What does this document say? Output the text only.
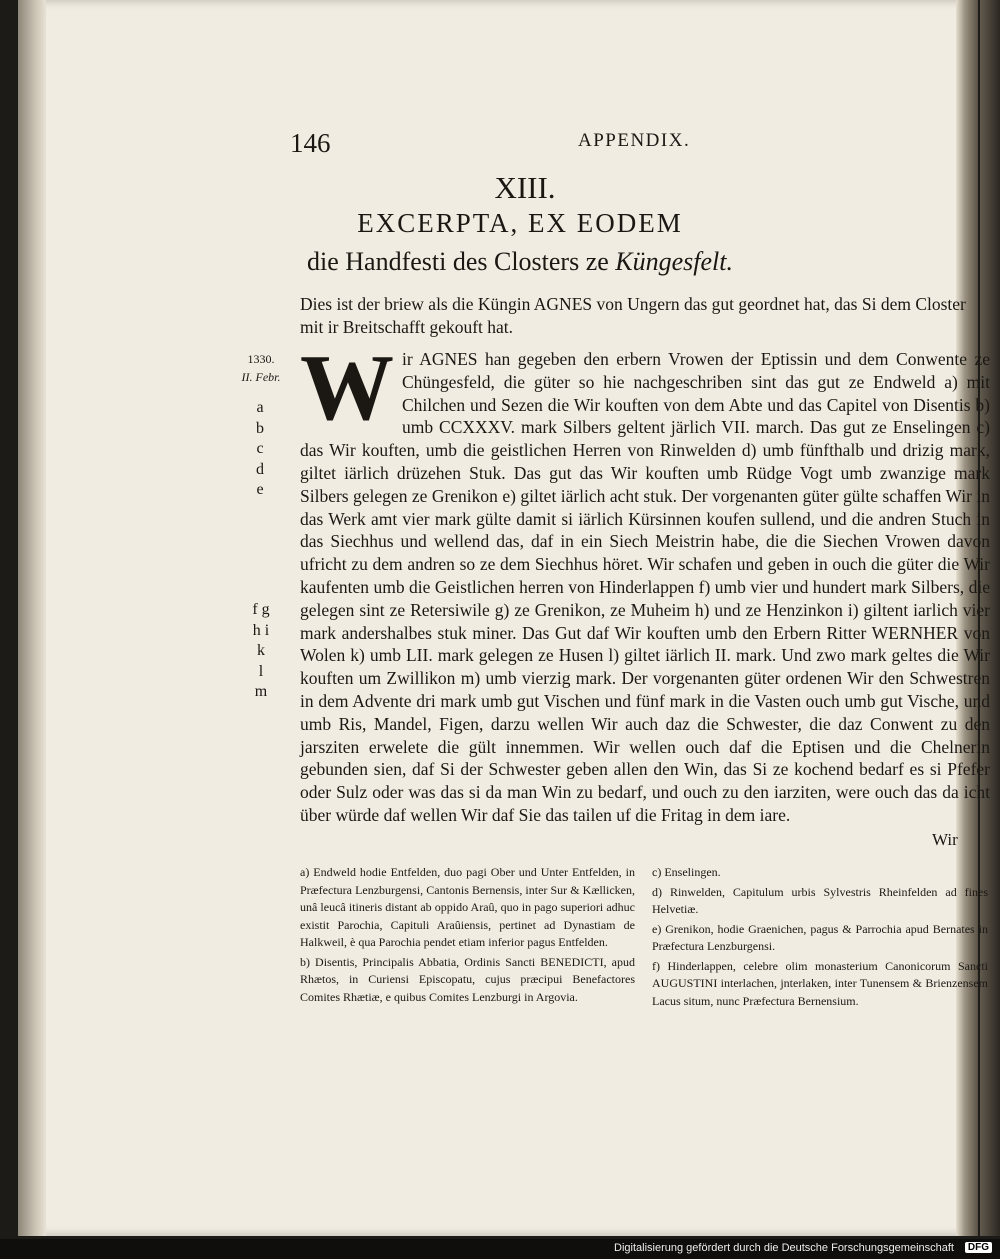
146	APPENDIX.
XIII.
EXCERPTA, EX EODEM
die Handfesti des Closters ze Küngesfelt.
Dies ist der briew als die Küngin AGNES von Ungern das gut geordnet hat, das Si dem Closter mit ir Breitschafft gekouft hat.
1330.
II. Febr.
a
b
c
d
e
f g
h i
k
l
m
Wir AGNES han gegeben den erbern Vrowen der Eptissin und dem Conwente ze Chüngesfeld, die güter so hie nachgeschriben sint das gut ze Endweld a) mit Chilchen und Sezen die Wir kouften von dem Abte und das Capitel von Disentis b) umb CCXXXV. mark Silbers geltent järlich VII. march. Das gut ze Enselingen c) das Wir kouften, umb die geistlichen Herren von Rinwelden d) umb fünfthalb und drizig mark, giltet iärlich drüzehen Stuk. Das gut das Wir kouften umb Rüdge Vogt umb zwanzige mark Silbers gelegen ze Grenikon e) giltet iärlich acht stuk. Der vorgenanten güter gülte schaffen Wir in das Werk amt vier mark gülte damit si iärlich Kürsinnen koufen sullend, und die andren Stuch in das Siechhus und wellend das, daf in ein Siech Meistrin habe, die die Siechen Vrowen davon ufricht zu dem andren so ze dem Siechhus höret. Wir schafen und geben in ouch die güter die Wir kaufenten umb die Geistlichen herren von Hinderlappen f) umb vier und hundert mark Silbers, die gelegen sint ze Retersiwile g) ze Grenikon, ze Muheim h) und ze Henzinkon i) giltent iarlich vier mark andershalbes stuk miner. Das Gut daf Wir kouften umb den Erbern Ritter WERNHER von Wolen k) umb LII. mark gelegen ze Husen l) giltet iärlich II. mark. Und zwo mark geltes die Wir kouften um Zwillikon m) umb vierzig mark. Der vorgenanten güter ordenen Wir den Schwestren in dem Advente dri mark umb gut Vischen und fünf mark in die Vasten ouch umb gut Vische, und umb Ris, Mandel, Figen, darzu wellen Wir auch daz die Schwester, die daz Conwent zu den jarsziten erwelete die gült innemmen. Wir wellen ouch daf die Eptisen und die Chelnerin gebunden sien, daf Si der Schwester geben allen den Win, das Si ze kochend bedarf es si Pfefer oder Sulz oder was das si da man Win zu bedarf, und ouch zu den iarziten, were ouch das da icht über würde daf wellen Wir daf Sie das tailen uf die Fritag in dem iare.
Wir
a) Endweld hodie Entfelden, duo pagi Ober und Unter Entfelden, in Præfectura Lenzburgensi, Cantonis Bernensis, inter Sur & Kællicken, unâ leucâ itineris distant ab oppido Araû, quo in pago superiori adhuc existit Parochia, Capituli Araûiensis, pertinet ad Dynastiam de Halkweil, è qua Parochia pendet etiam inferior pagus Entfelden.
b) Disentis, Principalis Abbatia, Ordinis Sancti BENEDICTI, apud Rhætos, in Curiensi Episcopatu, cujus præcipui Benefactores Comites Rhætiæ, e quibus Comites Lenzburgi in Argovia.
c) Enselingen.
d) Rinwelden, Capitulum urbis Sylvestris Rheinfelden ad fines Helvetiæ.
e) Grenikon, hodie Graenichen, pagus & Parrochia apud Bernates in Præfectura Lenzburgensi.
f) Hinderlappen, celebre olim monasterium Canonicorum Sancti AUGUSTINI interlachen, jnterlaken, inter Tunensem & Brienzensem Lacus situm, nunc Præfectura Bernensium.
Digitalisierung gefördert durch die Deutsche Forschungsgemeinschaft	DFG
